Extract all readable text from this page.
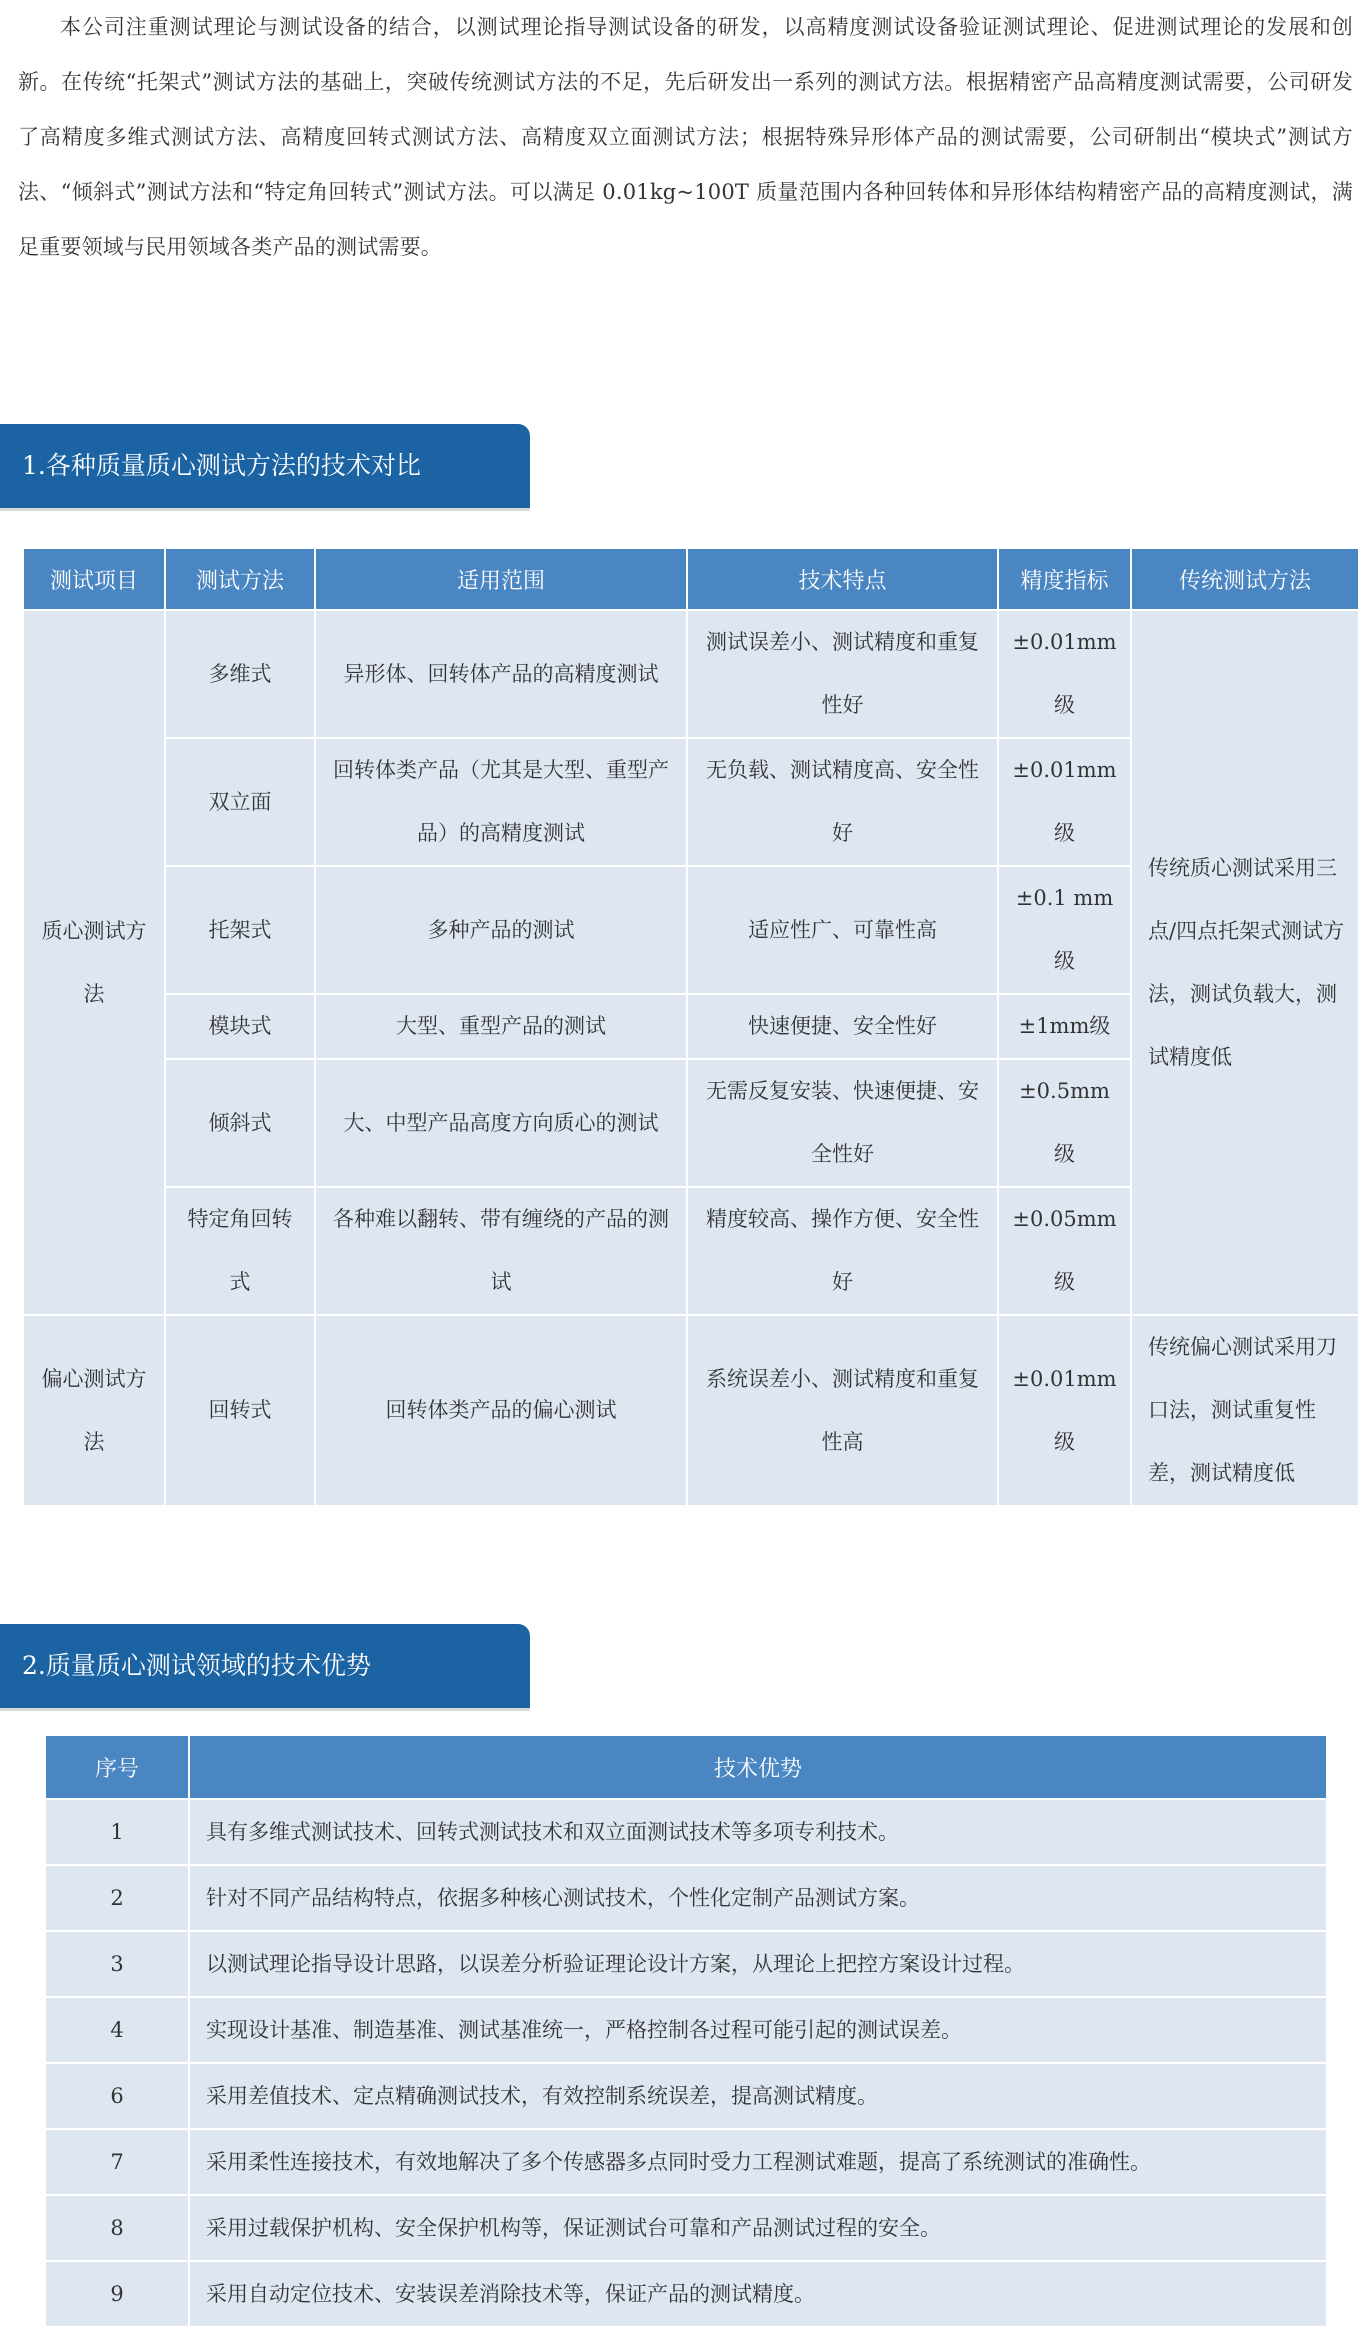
本公司注重测试理论与测试设备的结合，以测试理论指导测试设备的研发，以高精度测试设备验证测试理论、促进测试理论的发展和创新。在传统“托架式”测试方法的基础上，突破传统测试方法的不足，先后研发出一系列的测试方法。根据精密产品高精度测试需要，公司研发了高精度多维式测试方法、高精度回转式测试方法、高精度双立面测试方法；根据特殊异形体产品的测试需要，公司研制出“模块式”测试方法、“倾斜式”测试方法和“特定角回转式”测试方法。可以满足 0.01kg~100T 质量范围内各种回转体和异形体结构精密产品的高精度测试，满足重要领域与民用领域各类产品的测试需要。

1.各种质量质心测试方法的技术对比
测试项目	测试方法	适用范围	技术特点	精度指标	传统测试方法
质心测试方法	多维式	异形体、回转体产品的高精度测试	测试误差小、测试精度和重复性好	±0.01mm级	传统质心测试采用三点/四点托架式测试方法，测试负载大，测试精度低
	双立面	回转体类产品（尤其是大型、重型产品）的高精度测试	无负载、测试精度高、安全性好	±0.01mm级	
	托架式	多种产品的测试	适应性广、可靠性高	±0.1 mm级	
	模块式	大型、重型产品的测试	快速便捷、安全性好	±1mm级	
	倾斜式	大、中型产品高度方向质心的测试	无需反复安装、快速便捷、安全性好	±0.5mm级	
	特定角回转式	各种难以翻转、带有缠绕的产品的测试	精度较高、操作方便、安全性好	±0.05mm级	
偏心测试方法	回转式	回转体类产品的偏心测试	系统误差小、测试精度和重复性高	±0.01mm级	传统偏心测试采用刀口法，测试重复性差，测试精度低
2.质量质心测试领域的技术优势
序号	技术优势
1	具有多维式测试技术、回转式测试技术和双立面测试技术等多项专利技术。
2	针对不同产品结构特点，依据多种核心测试技术，个性化定制产品测试方案。
3	以测试理论指导设计思路，以误差分析验证理论设计方案，从理论上把控方案设计过程。
4	实现设计基准、制造基准、测试基准统一，严格控制各过程可能引起的测试误差。
6	采用差值技术、定点精确测试技术，有效控制系统误差，提高测试精度。
7	采用柔性连接技术，有效地解决了多个传感器多点同时受力工程测试难题，提高了系统测试的准确性。
8	采用过载保护机构、安全保护机构等，保证测试台可靠和产品测试过程的安全。
9	采用自动定位技术、安装误差消除技术等，保证产品的测试精度。
